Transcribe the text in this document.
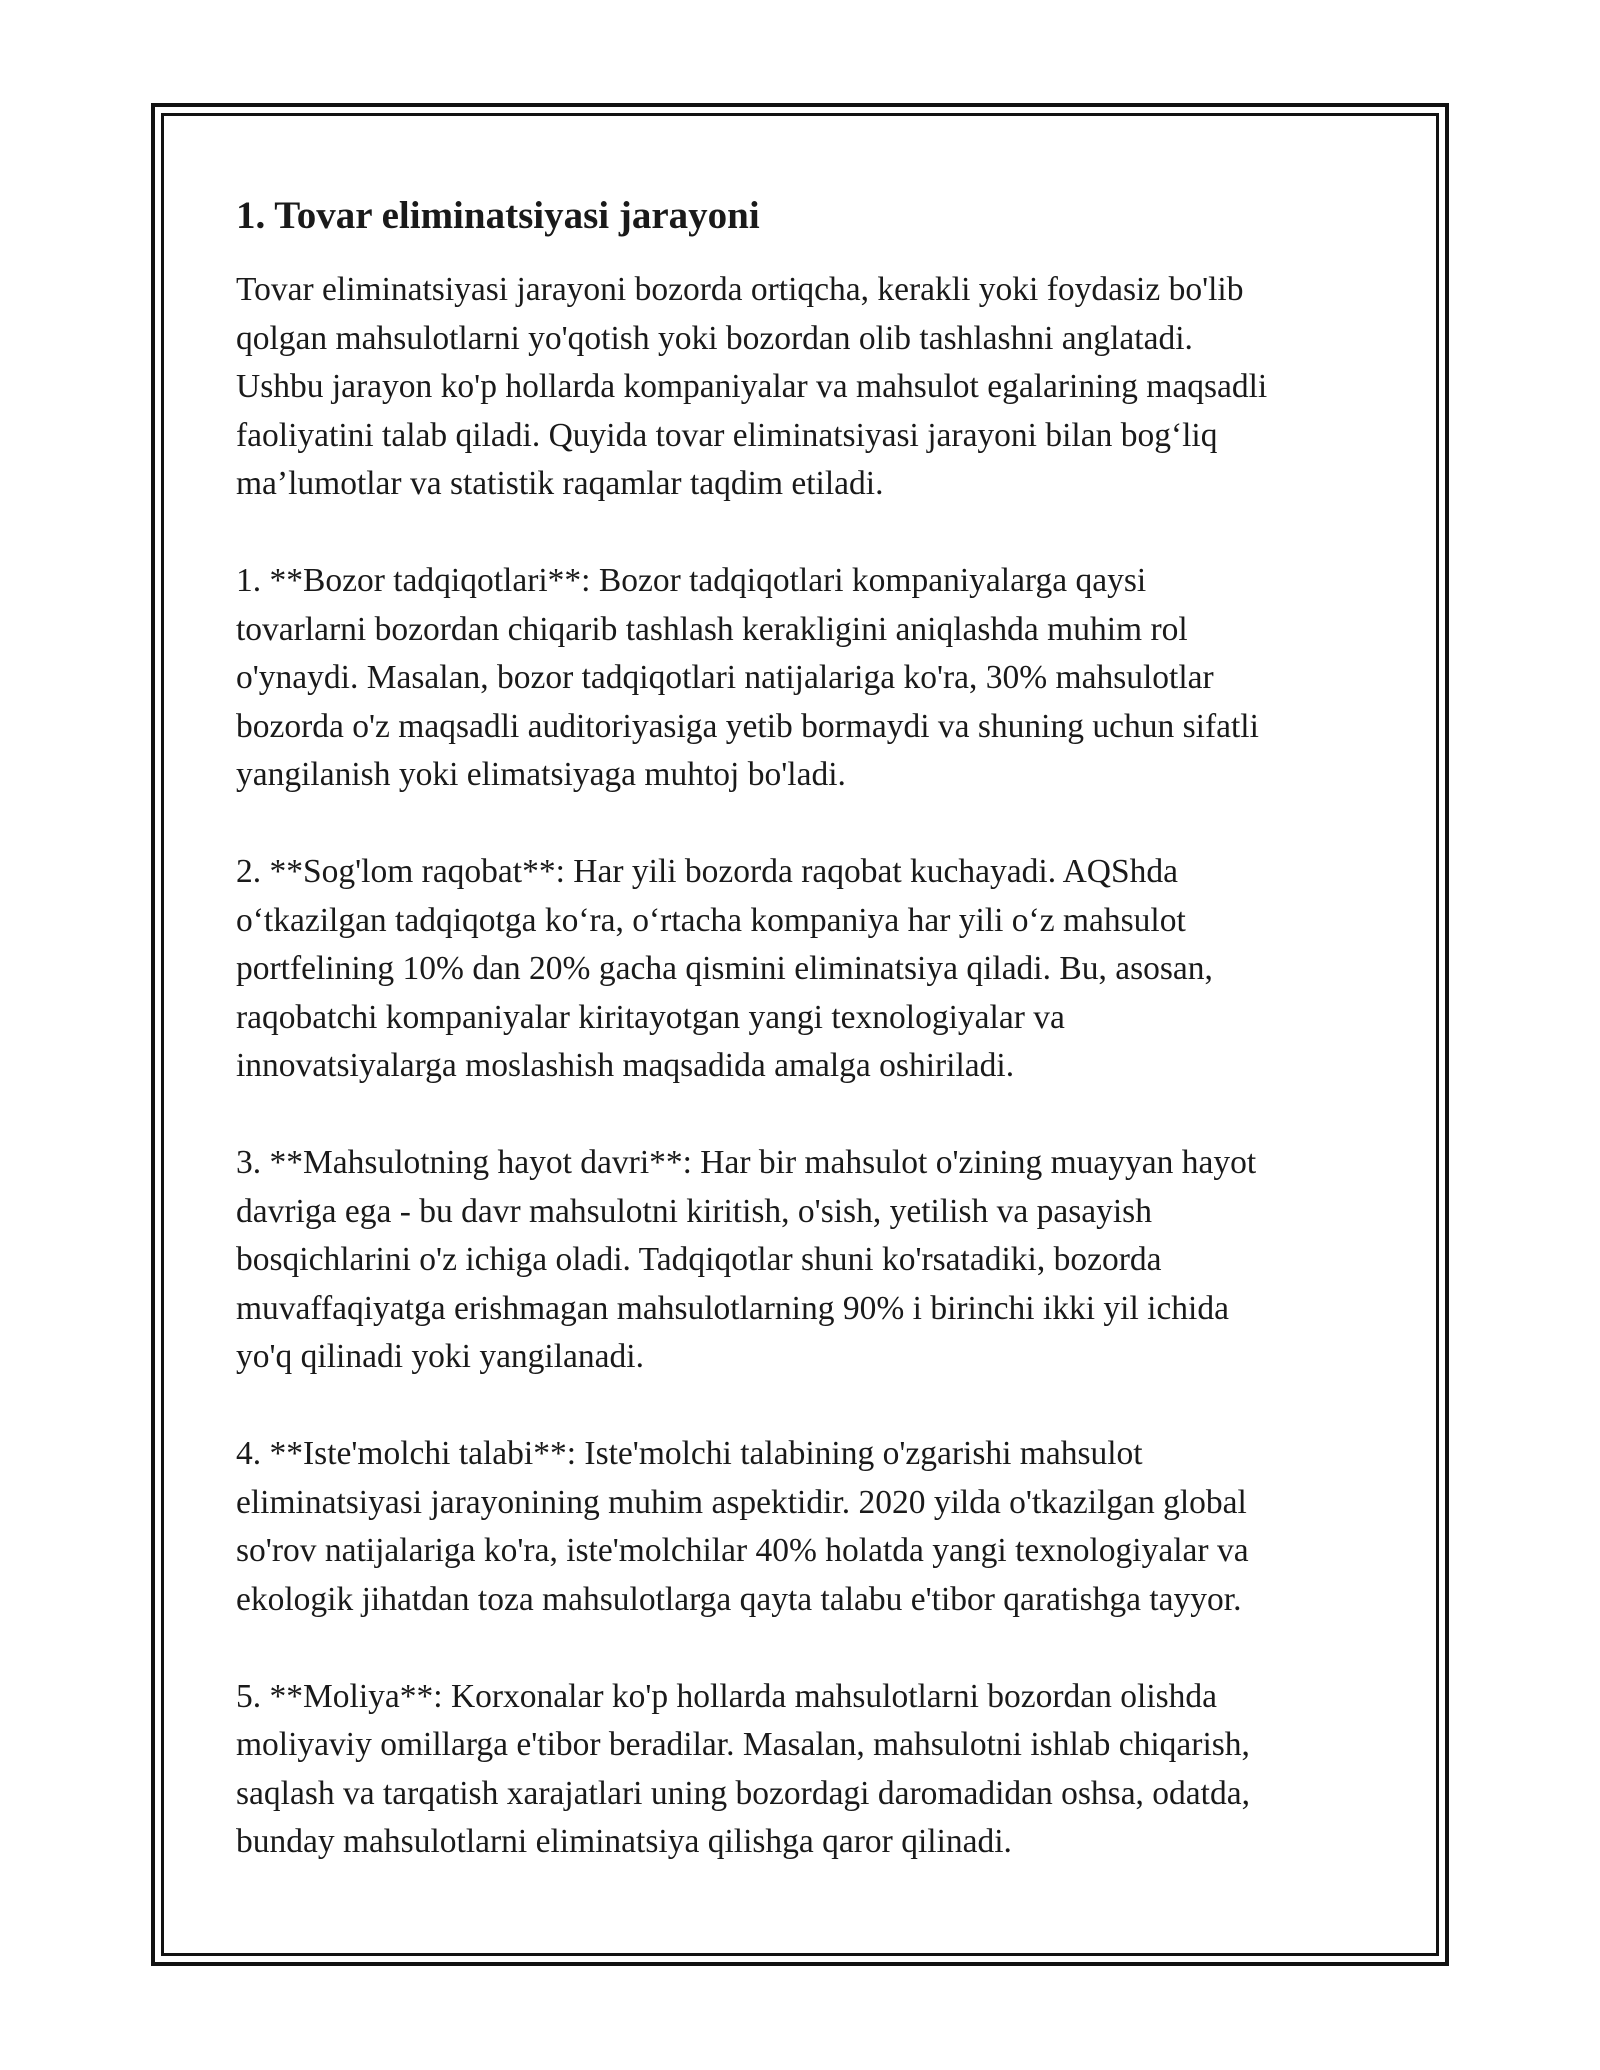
1. Tovar eliminatsiyasi jarayoni

Tovar eliminatsiyasi jarayoni bozorda ortiqcha, kerakli yoki foydasiz bo'lib
qolgan mahsulotlarni yo'qotish yoki bozordan olib tashlashni anglatadi.
Ushbu jarayon ko'p hollarda kompaniyalar va mahsulot egalarining maqsadli
faoliyatini talab qiladi. Quyida tovar eliminatsiyasi jarayoni bilan bog‘liq
ma’lumotlar va statistik raqamlar taqdim etiladi.

1. **Bozor tadqiqotlari**: Bozor tadqiqotlari kompaniyalarga qaysi
tovarlarni bozordan chiqarib tashlash kerakligini aniqlashda muhim rol
o'ynaydi. Masalan, bozor tadqiqotlari natijalariga ko'ra, 30% mahsulotlar
bozorda o'z maqsadli auditoriyasiga yetib bormaydi va shuning uchun sifatli
yangilanish yoki elimatsiyaga muhtoj bo'ladi.

2. **Sog'lom raqobat**: Har yili bozorda raqobat kuchayadi. AQShda
o‘tkazilgan tadqiqotga ko‘ra, o‘rtacha kompaniya har yili o‘z mahsulot
portfelining 10% dan 20% gacha qismini eliminatsiya qiladi. Bu, asosan,
raqobatchi kompaniyalar kiritayotgan yangi texnologiyalar va
innovatsiyalarga moslashish maqsadida amalga oshiriladi.

3. **Mahsulotning hayot davri**: Har bir mahsulot o'zining muayyan hayot
davriga ega - bu davr mahsulotni kiritish, o'sish, yetilish va pasayish
bosqichlarini o'z ichiga oladi. Tadqiqotlar shuni ko'rsatadiki, bozorda
muvaffaqiyatga erishmagan mahsulotlarning 90% i birinchi ikki yil ichida
yo'q qilinadi yoki yangilanadi.

4. **Iste'molchi talabi**: Iste'molchi talabining o'zgarishi mahsulot
eliminatsiyasi jarayonining muhim aspektidir. 2020 yilda o'tkazilgan global
so'rov natijalariga ko'ra, iste'molchilar 40% holatda yangi texnologiyalar va
ekologik jihatdan toza mahsulotlarga qayta talabu e'tibor qaratishga tayyor.

5. **Moliya**: Korxonalar ko'p hollarda mahsulotlarni bozordan olishda
moliyaviy omillarga e'tibor beradilar. Masalan, mahsulotni ishlab chiqarish,
saqlash va tarqatish xarajatlari uning bozordagi daromadidan oshsa, odatda,
bunday mahsulotlarni eliminatsiya qilishga qaror qilinadi.
